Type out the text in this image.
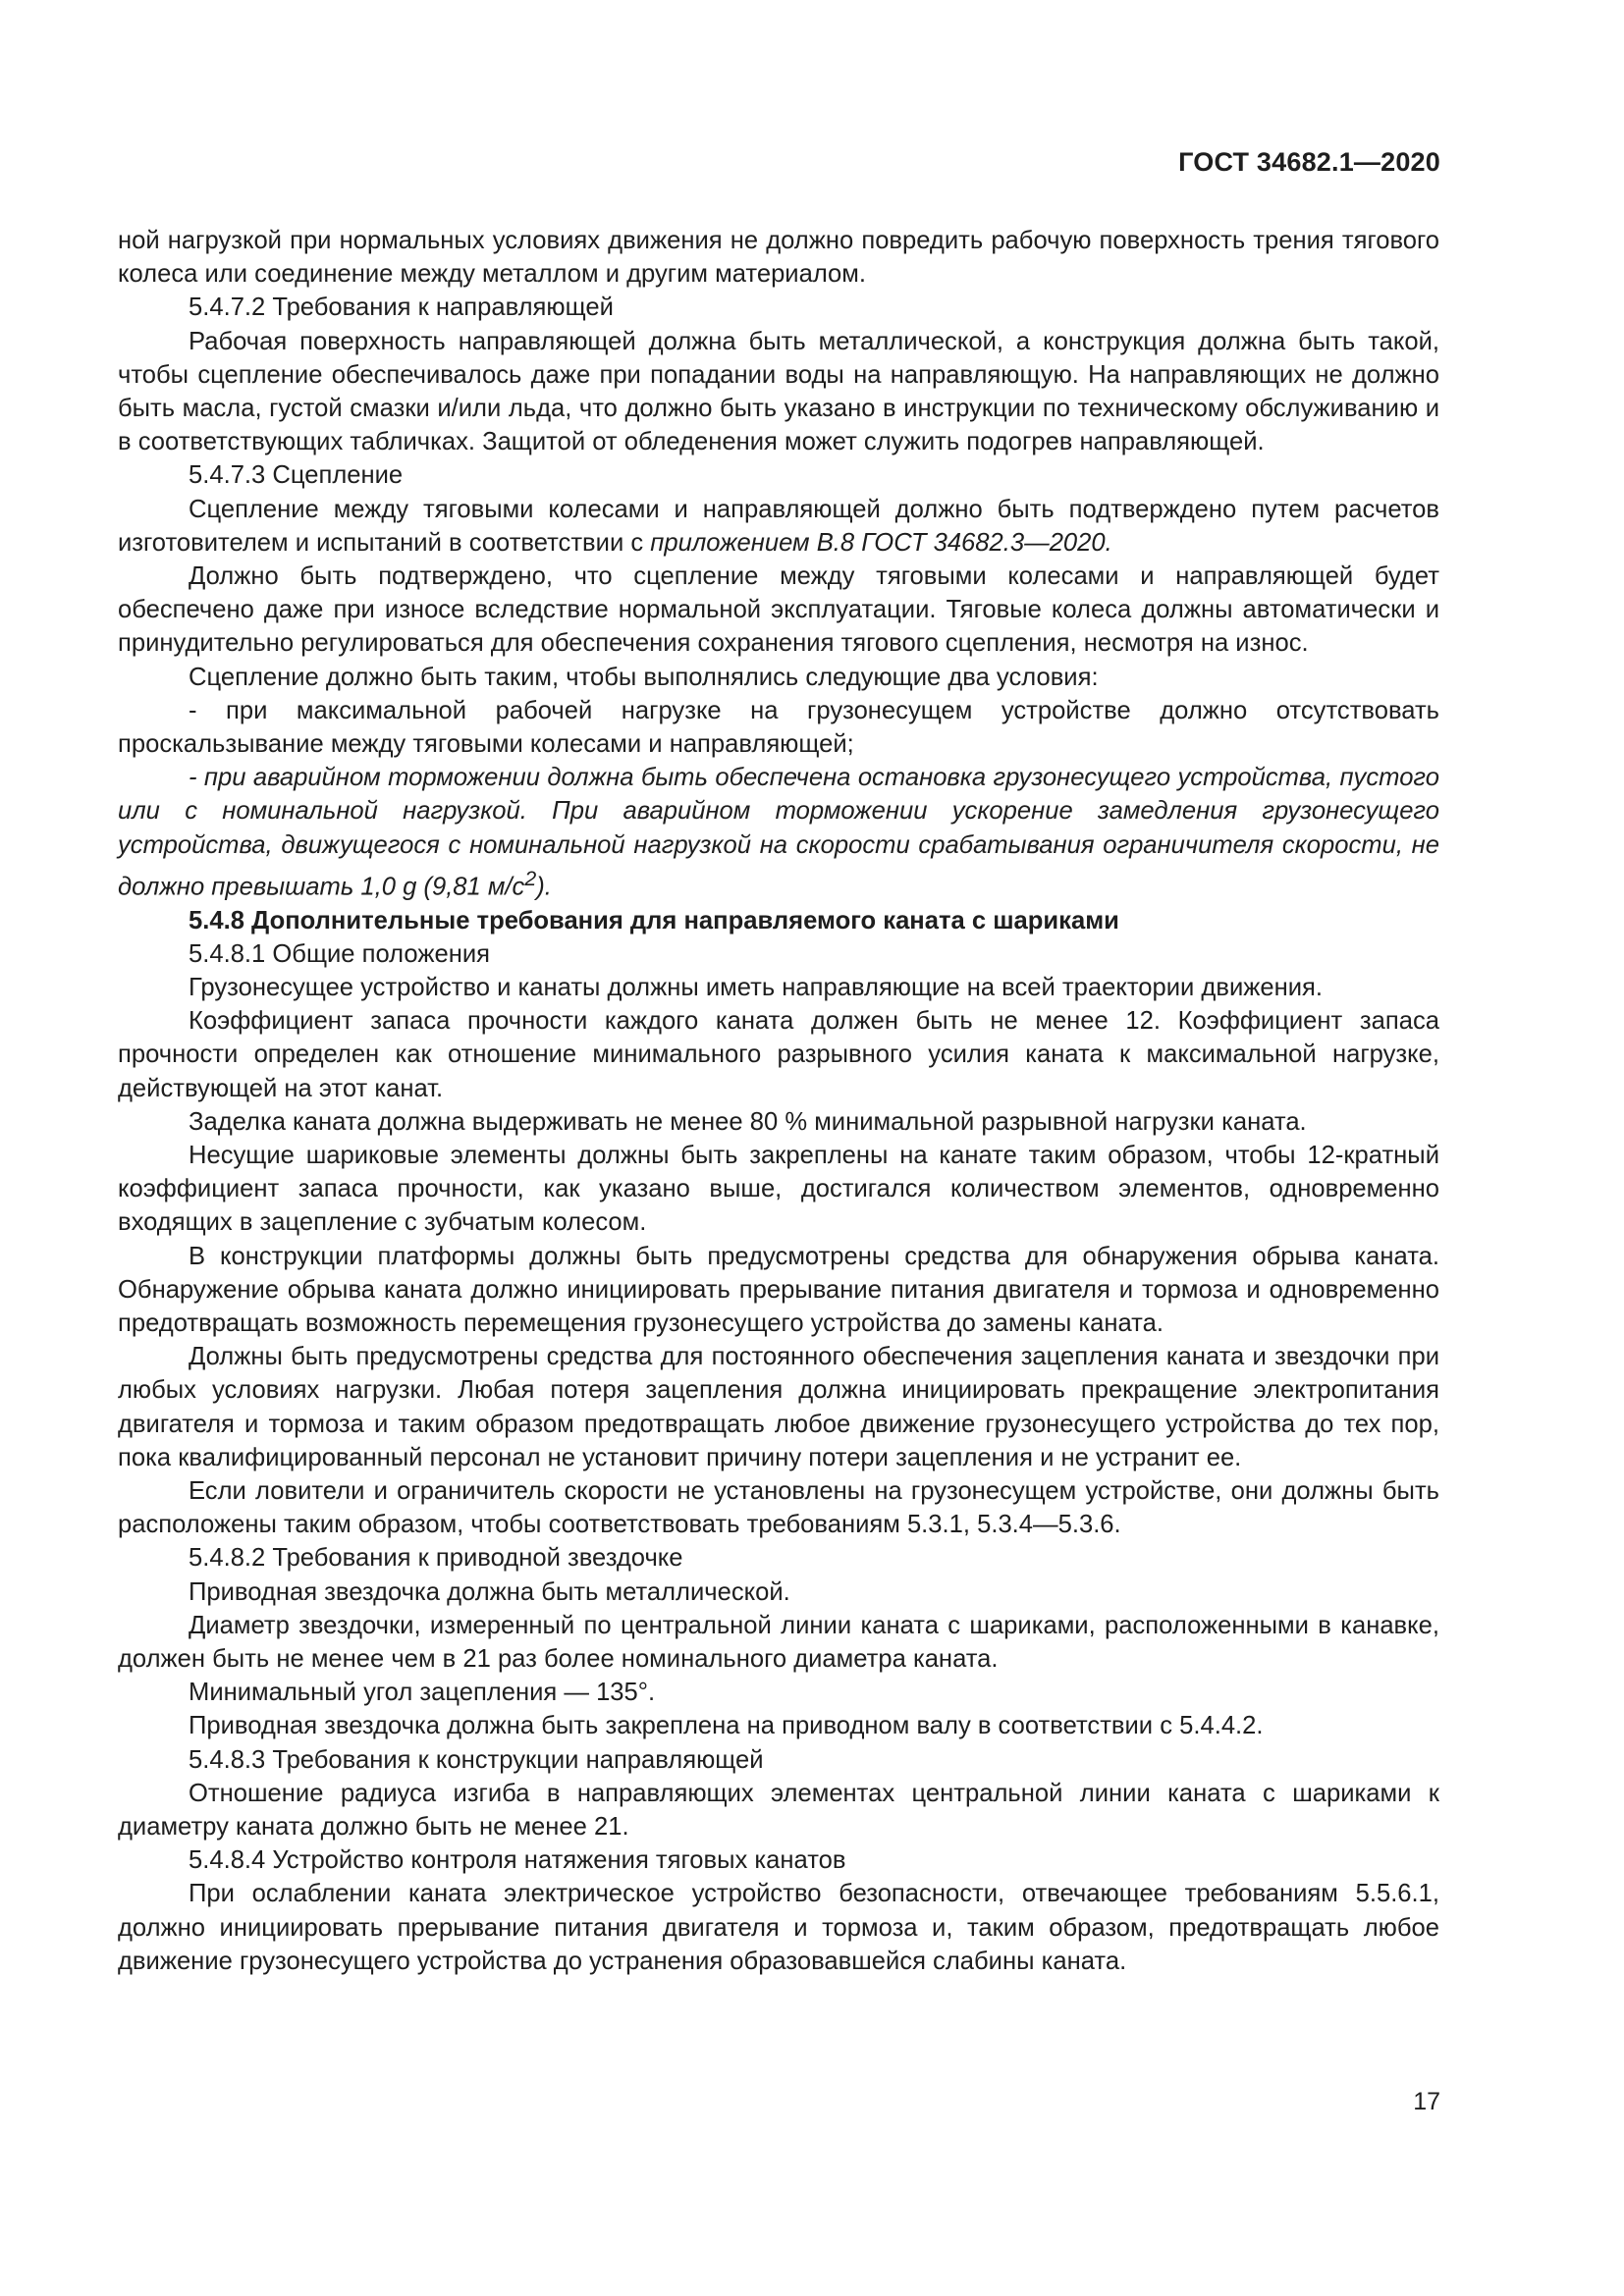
ГОСТ 34682.1—2020

ной нагрузкой при нормальных условиях движения не должно повредить рабочую поверхность трения тягового колеса или соединение между металлом и другим материалом.

5.4.7.2 Требования к направляющей

Рабочая поверхность направляющей должна быть металлической, а конструкция должна быть такой, чтобы сцепление обеспечивалось даже при попадании воды на направляющую. На направляющих не должно быть масла, густой смазки и/или льда, что должно быть указано в инструкции по техническому обслуживанию и в соответствующих табличках. Защитой от обледенения может служить подогрев направляющей.

5.4.7.3 Сцепление

Сцепление между тяговыми колесами и направляющей должно быть подтверждено путем расчетов изготовителем и испытаний в соответствии с приложением В.8 ГОСТ 34682.3—2020.

Должно быть подтверждено, что сцепление между тяговыми колесами и направляющей будет обеспечено даже при износе вследствие нормальной эксплуатации. Тяговые колеса должны автоматически и принудительно регулироваться для обеспечения сохранения тягового сцепления, несмотря на износ.

Сцепление должно быть таким, чтобы выполнялись следующие два условия:

- при максимальной рабочей нагрузке на грузонесущем устройстве должно отсутствовать проскальзывание между тяговыми колесами и направляющей;

- при аварийном торможении должна быть обеспечена остановка грузонесущего устройства, пустого или с номинальной нагрузкой. При аварийном торможении ускорение замедления грузонесущего устройства, движущегося с номинальной нагрузкой на скорости срабатывания ограничителя скорости, не должно превышать 1,0 g (9,81 $м/с^2$).

5.4.8 Дополнительные требования для направляемого каната с шариками

5.4.8.1 Общие положения

Грузонесущее устройство и канаты должны иметь направляющие на всей траектории движения.

Коэффициент запаса прочности каждого каната должен быть не менее 12. Коэффициент запаса прочности определен как отношение минимального разрывного усилия каната к максимальной нагрузке, действующей на этот канат.

Заделка каната должна выдерживать не менее 80 % минимальной разрывной нагрузки каната.

Несущие шариковые элементы должны быть закреплены на канате таким образом, чтобы 12-кратный коэффициент запаса прочности, как указано выше, достигался количеством элементов, одновременно входящих в зацепление с зубчатым колесом.

В конструкции платформы должны быть предусмотрены средства для обнаружения обрыва каната. Обнаружение обрыва каната должно инициировать прерывание питания двигателя и тормоза и одновременно предотвращать возможность перемещения грузонесущего устройства до замены каната.

Должны быть предусмотрены средства для постоянного обеспечения зацепления каната и звездочки при любых условиях нагрузки. Любая потеря зацепления должна инициировать прекращение электропитания двигателя и тормоза и таким образом предотвращать любое движение грузонесущего устройства до тех пор, пока квалифицированный персонал не установит причину потери зацепления и не устранит ее.

Если ловители и ограничитель скорости не установлены на грузонесущем устройстве, они должны быть расположены таким образом, чтобы соответствовать требованиям 5.3.1, 5.3.4—5.3.6.

5.4.8.2 Требования к приводной звездочке

Приводная звездочка должна быть металлической.

Диаметр звездочки, измеренный по центральной линии каната с шариками, расположенными в канавке, должен быть не менее чем в 21 раз более номинального диаметра каната.

Минимальный угол зацепления — 135°.

Приводная звездочка должна быть закреплена на приводном валу в соответствии с 5.4.4.2.

5.4.8.3 Требования к конструкции направляющей

Отношение радиуса изгиба в направляющих элементах центральной линии каната с шариками к диаметру каната должно быть не менее 21.

5.4.8.4 Устройство контроля натяжения тяговых канатов

При ослаблении каната электрическое устройство безопасности, отвечающее требованиям 5.5.6.1, должно инициировать прерывание питания двигателя и тормоза и, таким образом, предотвращать любое движение грузонесущего устройства до устранения образовавшейся слабины каната.

17
